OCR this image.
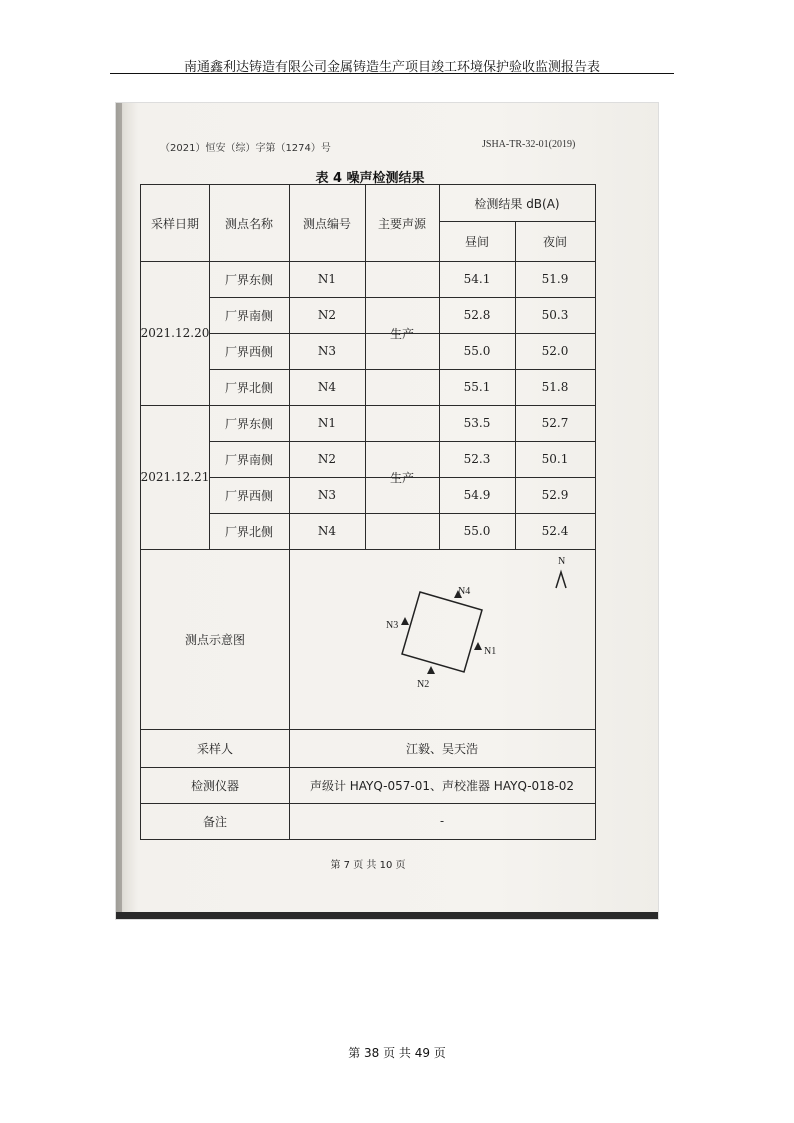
南通鑫利达铸造有限公司金属铸造生产项目竣工环境保护验收监测报告表
（2021）恒安（综）字第（1274）号	JSHA-TR-32-01(2019)
表 4 噪声检测结果
采样日期	测点名称	测点编号	主要声源
检测结果 dB(A)
昼间	夜间
2021.12.20	生产
厂界东侧	N1	54.1	51.9
厂界南侧	N2	52.8	50.3
厂界西侧	N3	55.0	52.0
厂界北侧	N4	55.1	51.8
2021.12.21	生产
厂界东侧	N1	53.5	52.7
厂界南侧	N2	52.3	50.1
厂界西侧	N3	54.9	52.9
厂界北侧	N4	55.0	52.4
测点示意图
采样人	江毅、吴天浩
检测仪器	声级计 HAYQ-057-01、声校准器 HAYQ-018-02
备注	-
N4
N3
N1
N2
N
第 7 页 共 10 页
第 38 页 共 49 页
